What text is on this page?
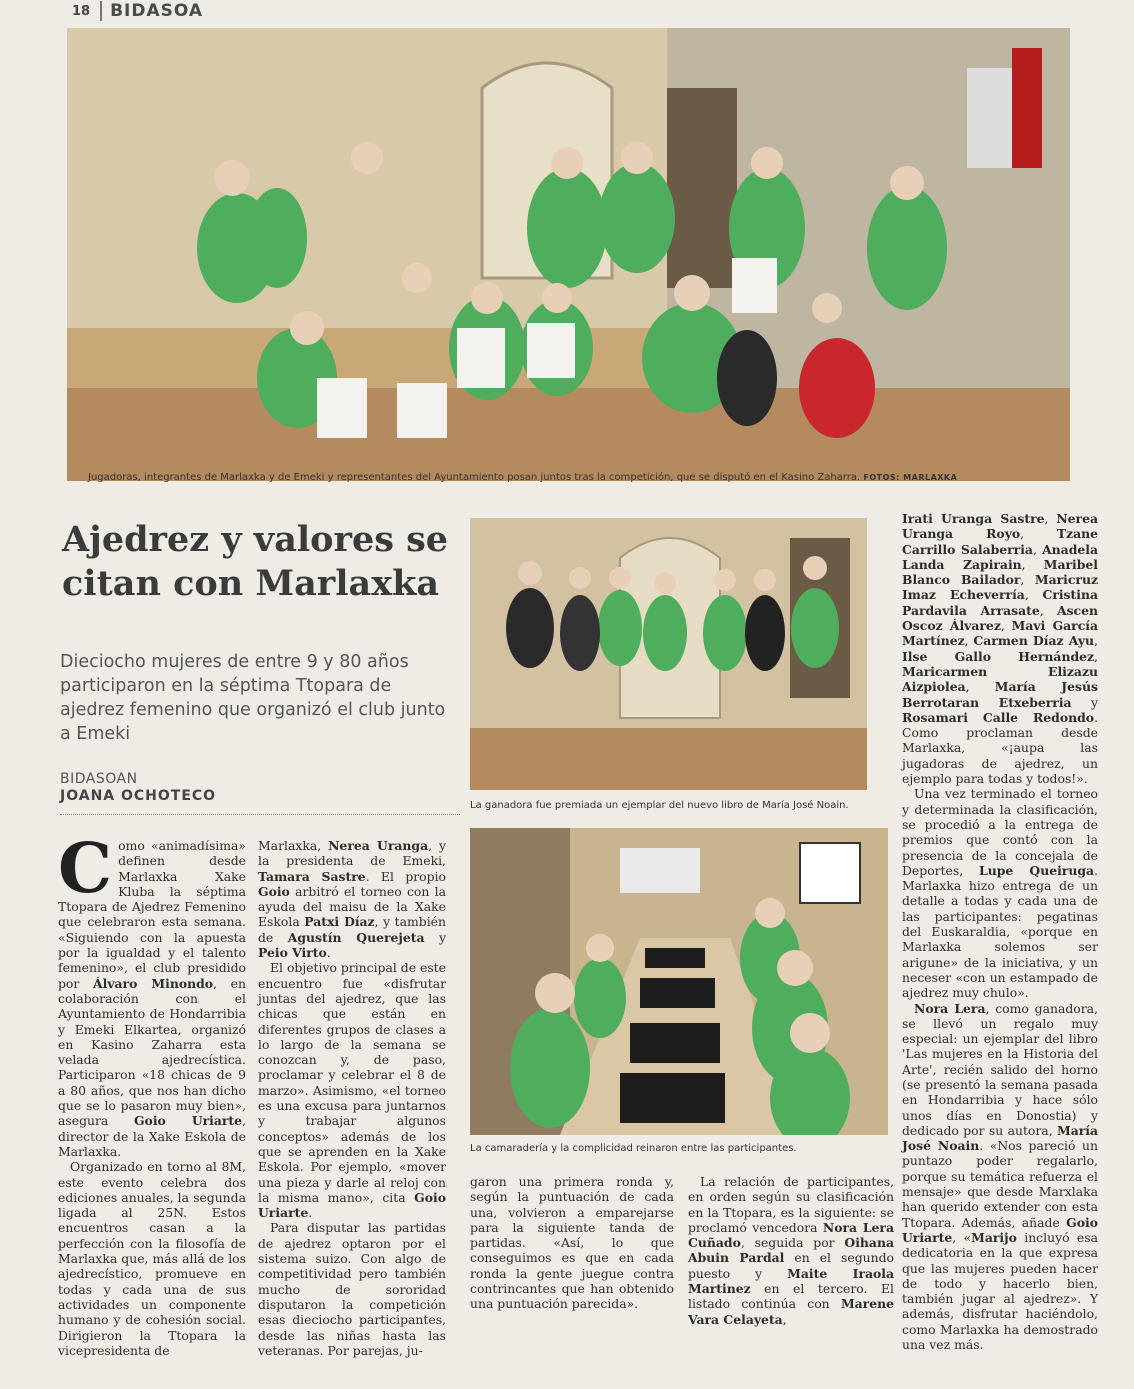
18	BIDASOA
Jugadoras, integrantes de Marlaxka y de Emeki y representantes del Ayuntamiento posan juntos tras la competición, que se disputó en el Kasino Zaharra. FOTOS: MARLAXKA
Ajedrez y valores se citan con Marlaxka

Dieciocho mujeres de entre 9 y 80 años participaron en la séptima Ttopara de ajedrez femenino que organizó el club junto a Emeki

BIDASOAN
JOANA OCHOTECO
La ganadora fue premiada un ejemplar del nuevo libro de María José Noain.
La camaradería y la complicidad reinaron entre las participantes.
C omo «animadísima» definen desde Marlaxka Xake Kluba la séptima Ttopara de Ajedrez Femenino que celebraron esta semana. «Siguiendo con la apuesta por la igualdad y el talento femenino», el club presidido por Álvaro Minondo, en colaboración con el Ayuntamiento de Hondarribia y Emeki Elkartea, organizó en Kasino Zaharra esta velada ajedrecística. Participaron «18 chicas de 9 a 80 años, que nos han dicho que se lo pasaron muy bien», asegura Goio Uriarte, director de la Xake Eskola de Marlaxka.

Organizado en torno al 8M, este evento celebra dos ediciones anuales, la segunda ligada al 25N. Estos encuentros casan a la perfección con la filosofía de Marlaxka que, más allá de los ajedrecístico, promueve en todas y cada una de sus actividades un componente humano y de cohesión social. Dirigieron la Ttopara la vicepresidenta de

Marlaxka, Nerea Uranga, y la presidenta de Emeki, Tamara Sastre. El propio Goio arbitró el torneo con la ayuda del maisu de la Xake Eskola Patxi Díaz, y también de Agustín Querejeta y Peio Virto.

El objetivo principal de este encuentro fue «disfrutar juntas del ajedrez, que las chicas que están en diferentes grupos de clases a lo largo de la semana se conozcan y, de paso, proclamar y celebrar el 8 de marzo». Asimismo, «el torneo es una excusa para juntarnos y trabajar algunos conceptos» además de los que se aprenden en la Xake Eskola. Por ejemplo, «mover una pieza y darle al reloj con la misma mano», cita Goio Uriarte.

Para disputar las partidas de ajedrez optaron por el sistema suizo. Con algo de competitividad pero también mucho de sororidad disputaron la competición esas dieciocho participantes, desde las niñas hasta las veteranas. Por parejas, ju-

garon una primera ronda y, según la puntuación de cada una, volvieron a emparejarse para la siguiente tanda de partidas. «Así, lo que conseguimos es que en cada ronda la gente juegue contra contrincantes que han obtenido una puntuación parecida».

La relación de participantes, en orden según su clasificación en la Ttopara, es la siguiente: se proclamó vencedora Nora Lera Cuñado, seguida por Oihana Abuin Pardal en el segundo puesto y Maite Iraola Martinez en el tercero. El listado continúa con Marene Vara Celayeta,

Irati Uranga Sastre, Nerea Uranga Royo, Tzane Carrillo Salaberria, Anadela Landa Zapirain, Maribel Blanco Bailador, Maricruz Imaz Echeverría, Cristina Pardavila Arrasate, Ascen Oscoz Álvarez, Mavi García Martínez, Carmen Díaz Ayu, Ilse Gallo Hernández, Maricarmen Elizazu Aizpiolea, María Jesús Berrotaran Etxeberria y Rosamari Calle Redondo. Como proclaman desde Marlaxka, «¡aupa las jugadoras de ajedrez, un ejemplo para todas y todos!».

Una vez terminado el torneo y determinada la clasificación, se procedió a la entrega de premios que contó con la presencia de la concejala de Deportes, Lupe Queiruga. Marlaxka hizo entrega de un detalle a todas y cada una de las participantes: pegatinas del Euskaraldia, «porque en Marlaxka solemos ser arigune» de la iniciativa, y un neceser «con un estampado de ajedrez muy chulo».

Nora Lera, como ganadora, se llevó un regalo muy especial: un ejemplar del libro 'Las mujeres en la Historia del Arte', recién salido del horno (se presentó la semana pasada en Hondarribia y hace sólo unos días en Donostia) y dedicado por su autora, María José Noain. «Nos pareció un puntazo poder regalarlo, porque su temática refuerza el mensaje» que desde Marxlaka han querido extender con esta Ttopara. Además, añade Goio Uriarte, «Marijo incluyó esa dedicatoria en la que expresa que las mujeres pueden hacer de todo y hacerlo bien, también jugar al ajedrez». Y además, disfrutar haciéndolo, como Marlaxka ha demostrado una vez más.
